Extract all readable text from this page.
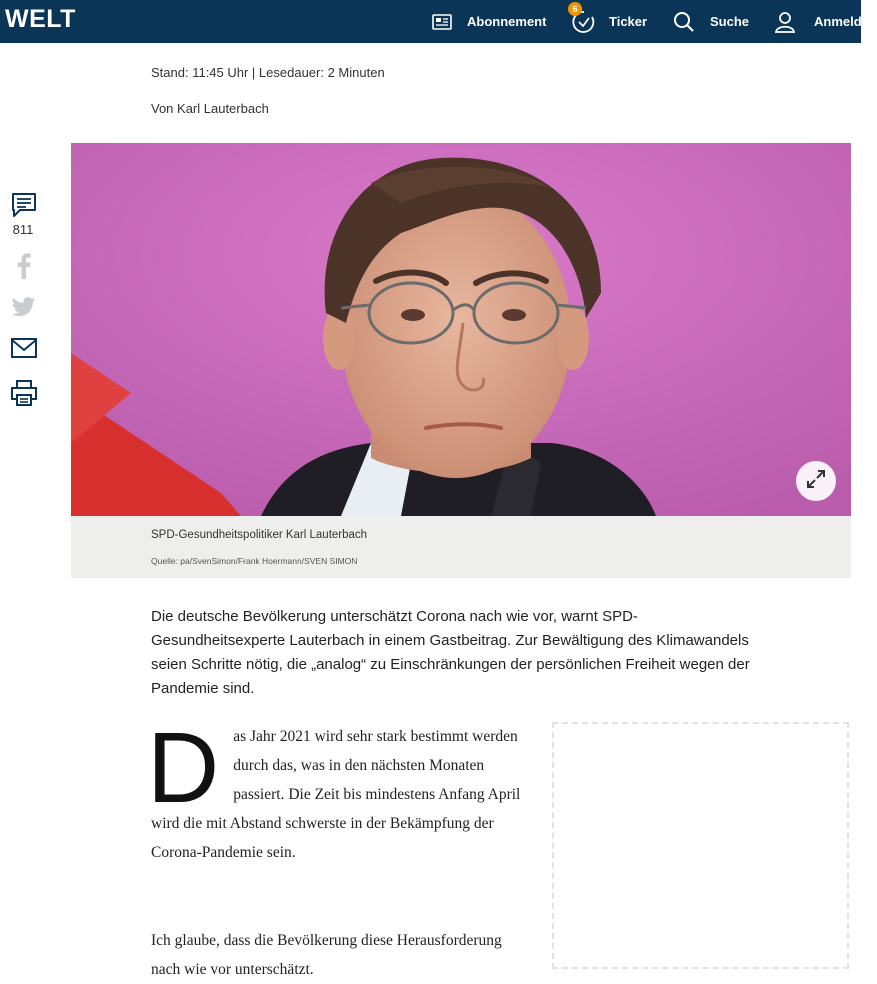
WELT	Abonnement	Ticker
6
Suche	Anmelden
Stand: 11:45 Uhr | Lesedauer: 2 Minuten
Von Karl Lauterbach
811
SPD-Gesundheitspolitiker Karl Lauterbach
Quelle: pa/SvenSimon/Frank Hoermann/SVEN SIMON

Die deutsche Bevölkerung unterschätzt Corona nach wie vor, warnt SPD-Gesundheitsexperte Lauterbach in einem Gastbeitrag. Zur Bewältigung des Klimawandels seien Schritte nötig, die „analog“ zu Einschränkungen der persönlichen Freiheit wegen der Pandemie sind.

Das Jahr 2021 wird sehr stark bestimmt werden durch das, was in den nächsten Monaten passiert. Die Zeit bis mindestens Anfang April wird die mit Abstand schwerste in der Bekämpfung der Corona-Pandemie sein.

Ich glaube, dass die Bevölkerung diese Herausforderung nach wie vor unterschätzt.
